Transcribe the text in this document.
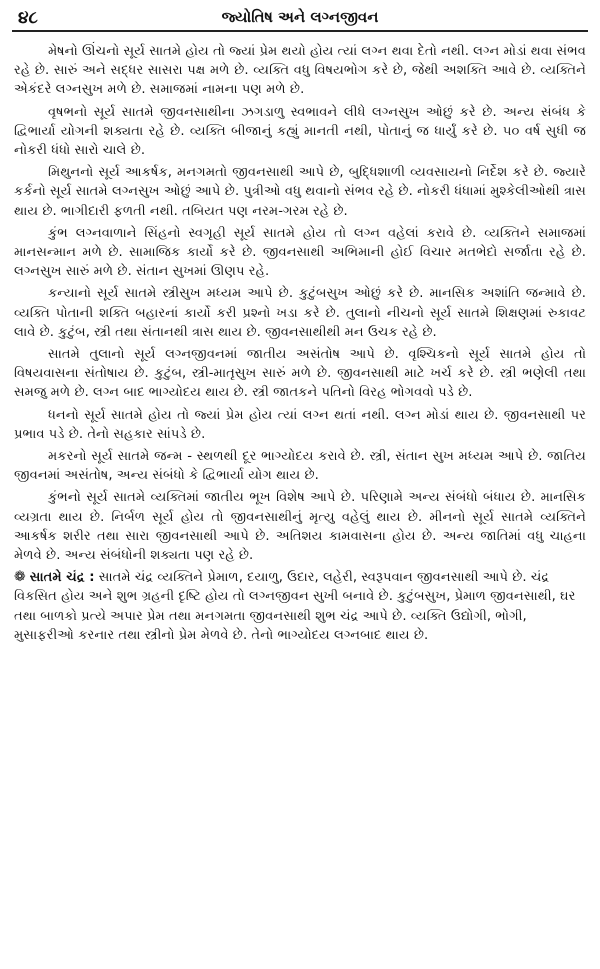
૪૮	જ્યોતિષ અને લગ્નજીવન

મેષનો ઊંચનો સૂર્ય સાતમે હોય તો જ્યાં પ્રેમ થયો હોય ત્યાં લગ્ન થવા દેતો નથી. લગ્ન મોડાં થવા સંભવ રહે છે. સારું અને સદ્ધર સાસરા પક્ષ મળે છે. વ્યક્તિ વધુ વિષયભોગ કરે છે, જેથી અશક્તિ આવે છે. વ્યક્તિને એકંદરે લગ્નસુખ મળે છે. સમાજમાં નામના પણ મળે છે.

વૃષભનો સૂર્ય સાતમે જીવનસાથીના ઝગડાળુ સ્વભાવને લીધે લગ્નસુખ ઓછું કરે છે. અન્ય સંબંધ કે દ્વિભાર્યા યોગની શક્યતા રહે છે. વ્યક્તિ બીજાનું કહ્યું માનતી નથી, પોતાનું જ ધાર્યું કરે છે. ૫૦ વર્ષ સુધી જ નોકરી ધંધો સારો ચાલે છે.

મિથુનનો સૂર્ય આકર્ષક, મનગમતો જીવનસાથી આપે છે, બુદ્ધિશાળી વ્યવસાયનો નિર્દેશ કરે છે. જ્યારે કર્કનો સૂર્ય સાતમે લગ્નસુખ ઓછું આપે છે. પુત્રીઓ વધુ થવાનો સંભવ રહે છે. નોકરી ધંધામાં મુશ્કેલીઓથી ત્રાસ થાય છે. ભાગીદારી ફળતી નથી. તબિયત પણ નરમ-ગરમ રહે છે.

કુંભ લગ્નવાળાને સિંહનો સ્વગૃહી સૂર્ય સાતમે હોય તો લગ્ન વહેલાં કરાવે છે. વ્યક્તિને સમાજમાં માનસન્માન મળે છે. સામાજિક કાર્યો કરે છે. જીવનસાથી અભિમાની હોઈ વિચાર મતભેદો સર્જાતા રહે છે. લગ્નસુખ સારું મળે છે. સંતાન સુખમાં ઊણપ રહે.

કન્યાનો સૂર્ય સાતમે સ્ત્રીસુખ મધ્યમ આપે છે. કુટુંબસુખ ઓછું કરે છે. માનસિક અશાંતિ જન્માવે છે. વ્યક્તિ પોતાની શક્તિ બહારનાં કાર્યો કરી પ્રશ્નો ખડા કરે છે. તુલાનો નીચનો સૂર્ય સાતમે શિક્ષણમાં રુકાવટ લાવે છે. કુટુંબ, સ્ત્રી તથા સંતાનથી ત્રાસ થાય છે. જીવનસાથીથી મન ઉચક રહે છે.

સાતમે તુલાનો સૂર્ય લગ્નજીવનમાં જાતીય અસંતોષ આપે છે. વૃશ્ચિકનો સૂર્ય સાતમે હોય તો વિષયવાસના સંતોષાય છે. કુટુંબ, સ્ત્રી-માતૃસુખ સારું મળે છે. જીવનસાથી માટે ખર્ચ કરે છે. સ્ત્રી ભણેલી તથા સમજુ મળે છે. લગ્ન બાદ ભાગ્યોદય થાય છે. સ્ત્રી જાતકને પતિનો વિરહ ભોગવવો પડે છે.

ધનનો સૂર્ય સાતમે હોય તો જ્યાં પ્રેમ હોય ત્યાં લગ્ન થતાં નથી. લગ્ન મોડાં થાય છે. જીવનસાથી પર પ્રભાવ પડે છે. તેનો સહકાર સાંપડે છે.

મકરનો સૂર્ય સાતમે જન્મ - સ્થળથી દૂર ભાગ્યોદય કરાવે છે. સ્ત્રી, સંતાન સુખ મધ્યમ આપે છે. જાતિય જીવનમાં અસંતોષ, અન્ય સંબંધો કે દ્વિભાર્યા યોગ થાય છે.

કુંભનો સૂર્ય સાતમે વ્યક્તિમાં જાતીય ભૂખ વિશેષ આપે છે. પરિણામે અન્ય સંબંધો બંધાય છે. માનસિક વ્યગ્રતા થાય છે. નિર્બળ સૂર્ય હોય તો જીવનસાથીનું મૃત્યુ વહેલું થાય છે. મીનનો સૂર્ય સાતમે વ્યક્તિને આકર્ષક શરીર તથા સારા જીવનસાથી આપે છે. અતિશય કામવાસના હોય છે. અન્ય જાતિમાં વધુ ચાહના મેળવે છે. અન્ય સંબંધોની શક્યતા પણ રહે છે.

❁ સાતમે ચંદ્ર : સાતમે ચંદ્ર વ્યક્તિને પ્રેમાળ, દયાળુ, ઉદાર, લહેરી, સ્વરૂપવાન જીવનસાથી આપે છે. ચંદ્ર વિકસિત હોય અને શુભ ગ્રહની દૃષ્ટિ હોય તો લગ્નજીવન સુખી બનાવે છે. કુટુંબસુખ, પ્રેમાળ જીવનસાથી, ઘર તથા બાળકો પ્રત્યે અપાર પ્રેમ તથા મનગમતા જીવનસાથી શુભ ચંદ્ર આપે છે. વ્યક્તિ ઉદ્યોગી, ભોગી, મુસાફરીઓ કરનાર તથા સ્ત્રીનો પ્રેમ મેળવે છે. તેનો ભાગ્યોદય લગ્નબાદ થાય છે.
